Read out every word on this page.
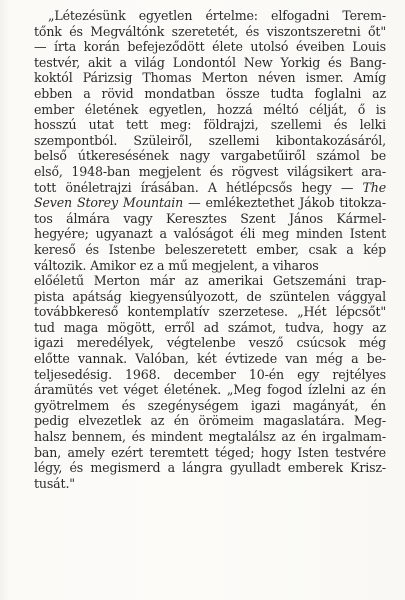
„Létezésünk egyetlen értelme: elfogadni Terem-
tőnk és Megváltónk szeretetét, és viszontszeretni őt"
— írta korán befejeződött élete utolsó éveiben Louis
testvér, akit a világ Londontól New Yorkig és Bang-
koktól Párizsig Thomas Merton néven ismer. Amíg
ebben a rövid mondatban össze tudta foglalni az
ember életének egyetlen, hozzá méltó célját, ő is
hosszú utat tett meg: földrajzi, szellemi és lelki
szempontból. Szüleiről, szellemi kibontakozásáról,
belső útkeresésének nagy vargabetűiről számol be
első, 1948-ban megjelent és rögvest világsikert ara-
tott önéletrajzi írásában. A hétlépcsős hegy — The
Seven Storey Mountain — emlékeztethet Jákob titokza-
tos álmára vagy Keresztes Szent János Kármel-
hegyére; ugyanazt a valóságot éli meg minden Istent
kereső és Istenbe beleszeretett ember, csak a kép
változik. Amikor ez a mű megjelent, a viharos
előéletű Merton már az amerikai Getszemáni trap-
pista apátság kiegyensúlyozott, de szüntelen vággyal
továbbkereső kontemplatív szerzetese. „Hét lépcsőt"
tud maga mögött, erről ad számot, tudva, hogy az
igazi meredélyek, végtelenbe vesző csúcsok még
előtte vannak. Valóban, két évtizede van még a be-
teljesedésig. 1968. december 10-én egy rejtélyes
áramütés vet véget életének. „Meg fogod ízlelni az én
gyötrelmem és szegénységem igazi magányát, én
pedig elvezetlek az én örömeim magaslatára. Meg-
halsz bennem, és mindent megtalálsz az én irgalmam-
ban, amely ezért teremtett téged; hogy Isten testvére
légy, és megismerd a lángra gyulladt emberek Krisz-
tusát."
